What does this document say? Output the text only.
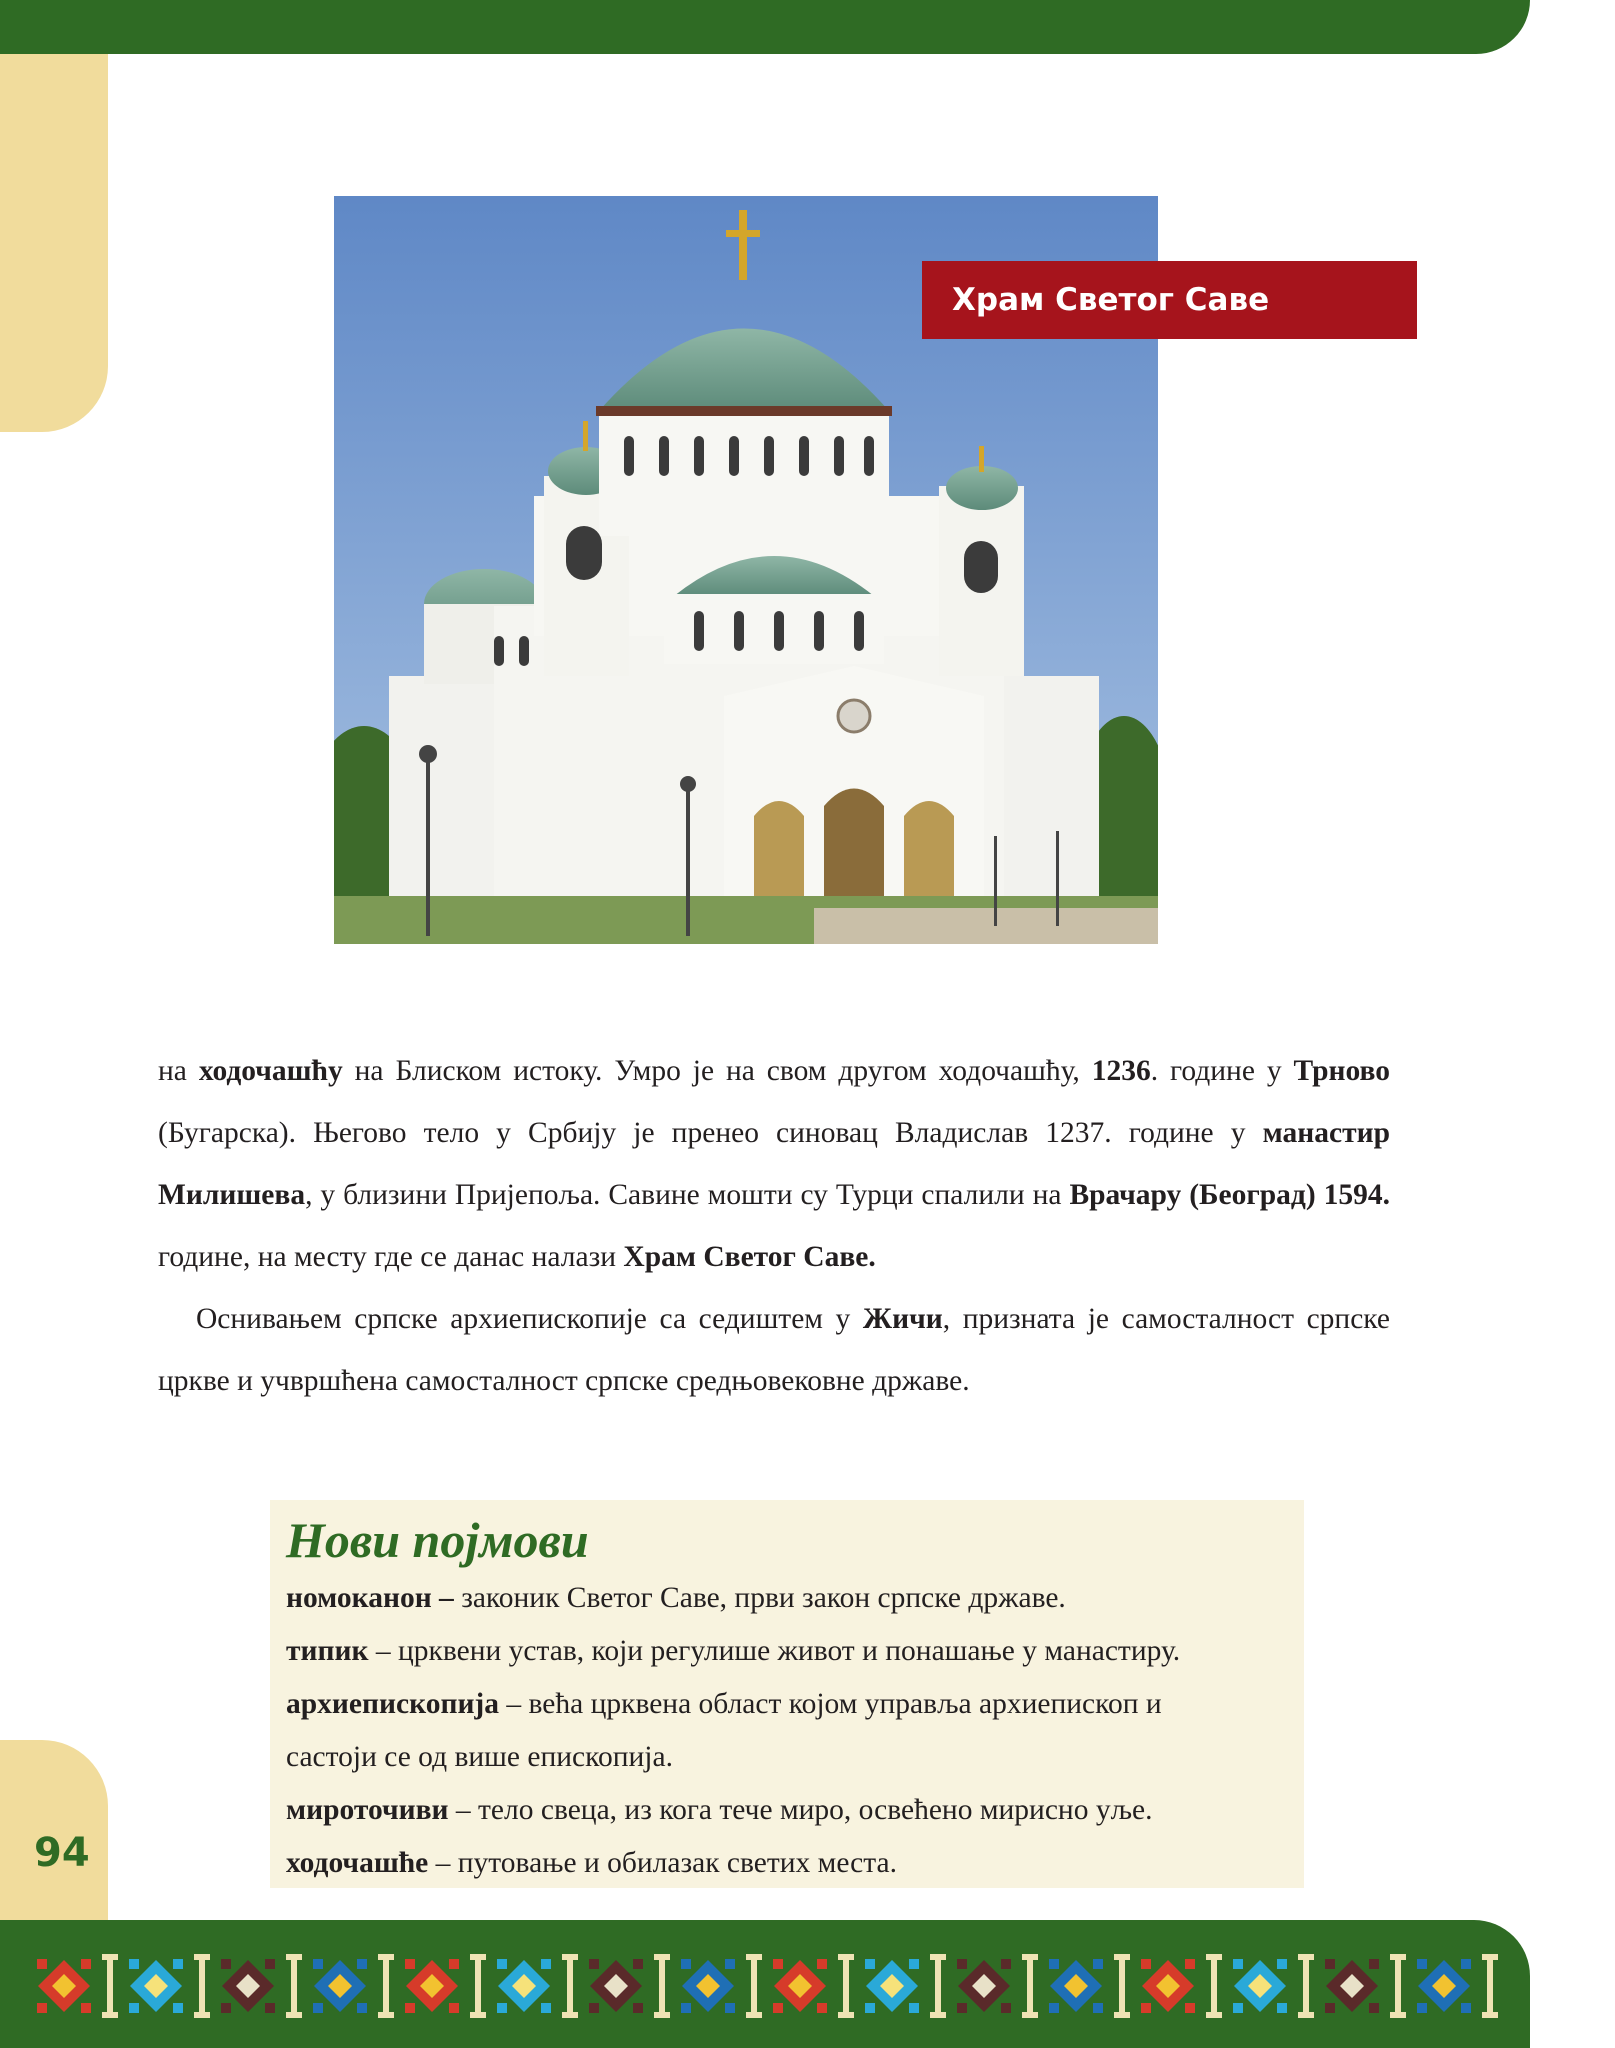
94
Храм Светог Саве

на ходочашћу на Блиском истоку. Умро је на свом другом ходочашћу, 1236. године у Трново (Бугарска). Његово тело у Србију је пренео синовац Владислав 1237. године у манастир Милишева, у близини Пријепоља. Савине мошти су Турци спалили на Врачару (Београд) 1594. године, на месту где се данас налази Храм Светог Саве.

Оснивањем српске архиепископије са седиштем у Жичи, призната је самосталност српске цркве и учвршћена самосталност српске средњовековне државе.

Нови појмови
номоканон – законик Светог Саве, први закон српске државе.
типик – црквени устав, који регулише живот и понашање у манастиру.
архиепископија – већа црквена област којом управља архиепископ и
састоји се од више епископија.
мироточиви – тело свеца, из кога тече миро, освећено мирисно уље.
ходочашће – путовање и обилазак светих места.
